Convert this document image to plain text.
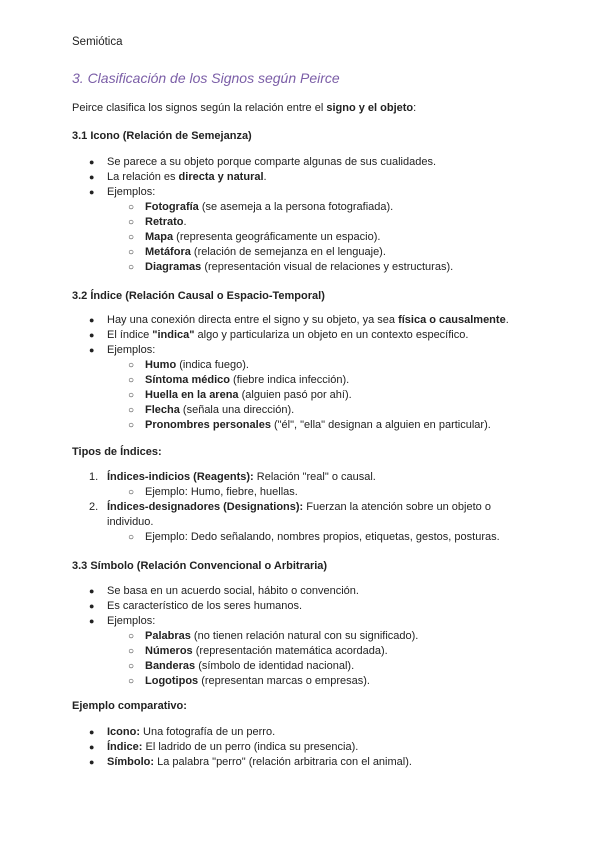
Semiótica
3. Clasificación de los Signos según Peirce

Peirce clasifica los signos según la relación entre el signo y el objeto:

3.1 Icono (Relación de Semejanza)
● Se parece a su objeto porque comparte algunas de sus cualidades.
● La relación es directa y natural.
● Ejemplos:
○ Fotografía (se asemeja a la persona fotografiada).
○ Retrato.
○ Mapa (representa geográficamente un espacio).
○ Metáfora (relación de semejanza en el lenguaje).
○ Diagramas (representación visual de relaciones y estructuras).
3.2 Índice (Relación Causal o Espacio-Temporal)
● Hay una conexión directa entre el signo y su objeto, ya sea física o causalmente.
● El índice "indica" algo y particulariza un objeto en un contexto específico.
● Ejemplos:
○ Humo (indica fuego).
○ Síntoma médico (fiebre indica infección).
○ Huella en la arena (alguien pasó por ahí).
○ Flecha (señala una dirección).
○ Pronombres personales ("él", "ella" designan a alguien en particular).
Tipos de Índices:
1. Índices-indicios (Reagents): Relación "real" o causal.
○ Ejemplo: Humo, fiebre, huellas.
2. Índices-designadores (Designations): Fuerzan la atención sobre un objeto o
individuo.
○ Ejemplo: Dedo señalando, nombres propios, etiquetas, gestos, posturas.
3.3 Símbolo (Relación Convencional o Arbitraria)
● Se basa en un acuerdo social, hábito o convención.
● Es característico de los seres humanos.
● Ejemplos:
○ Palabras (no tienen relación natural con su significado).
○ Números (representación matemática acordada).
○ Banderas (símbolo de identidad nacional).
○ Logotipos (representan marcas o empresas).
Ejemplo comparativo:
● Icono: Una fotografía de un perro.
● Índice: El ladrido de un perro (indica su presencia).
● Símbolo: La palabra "perro" (relación arbitraria con el animal).
